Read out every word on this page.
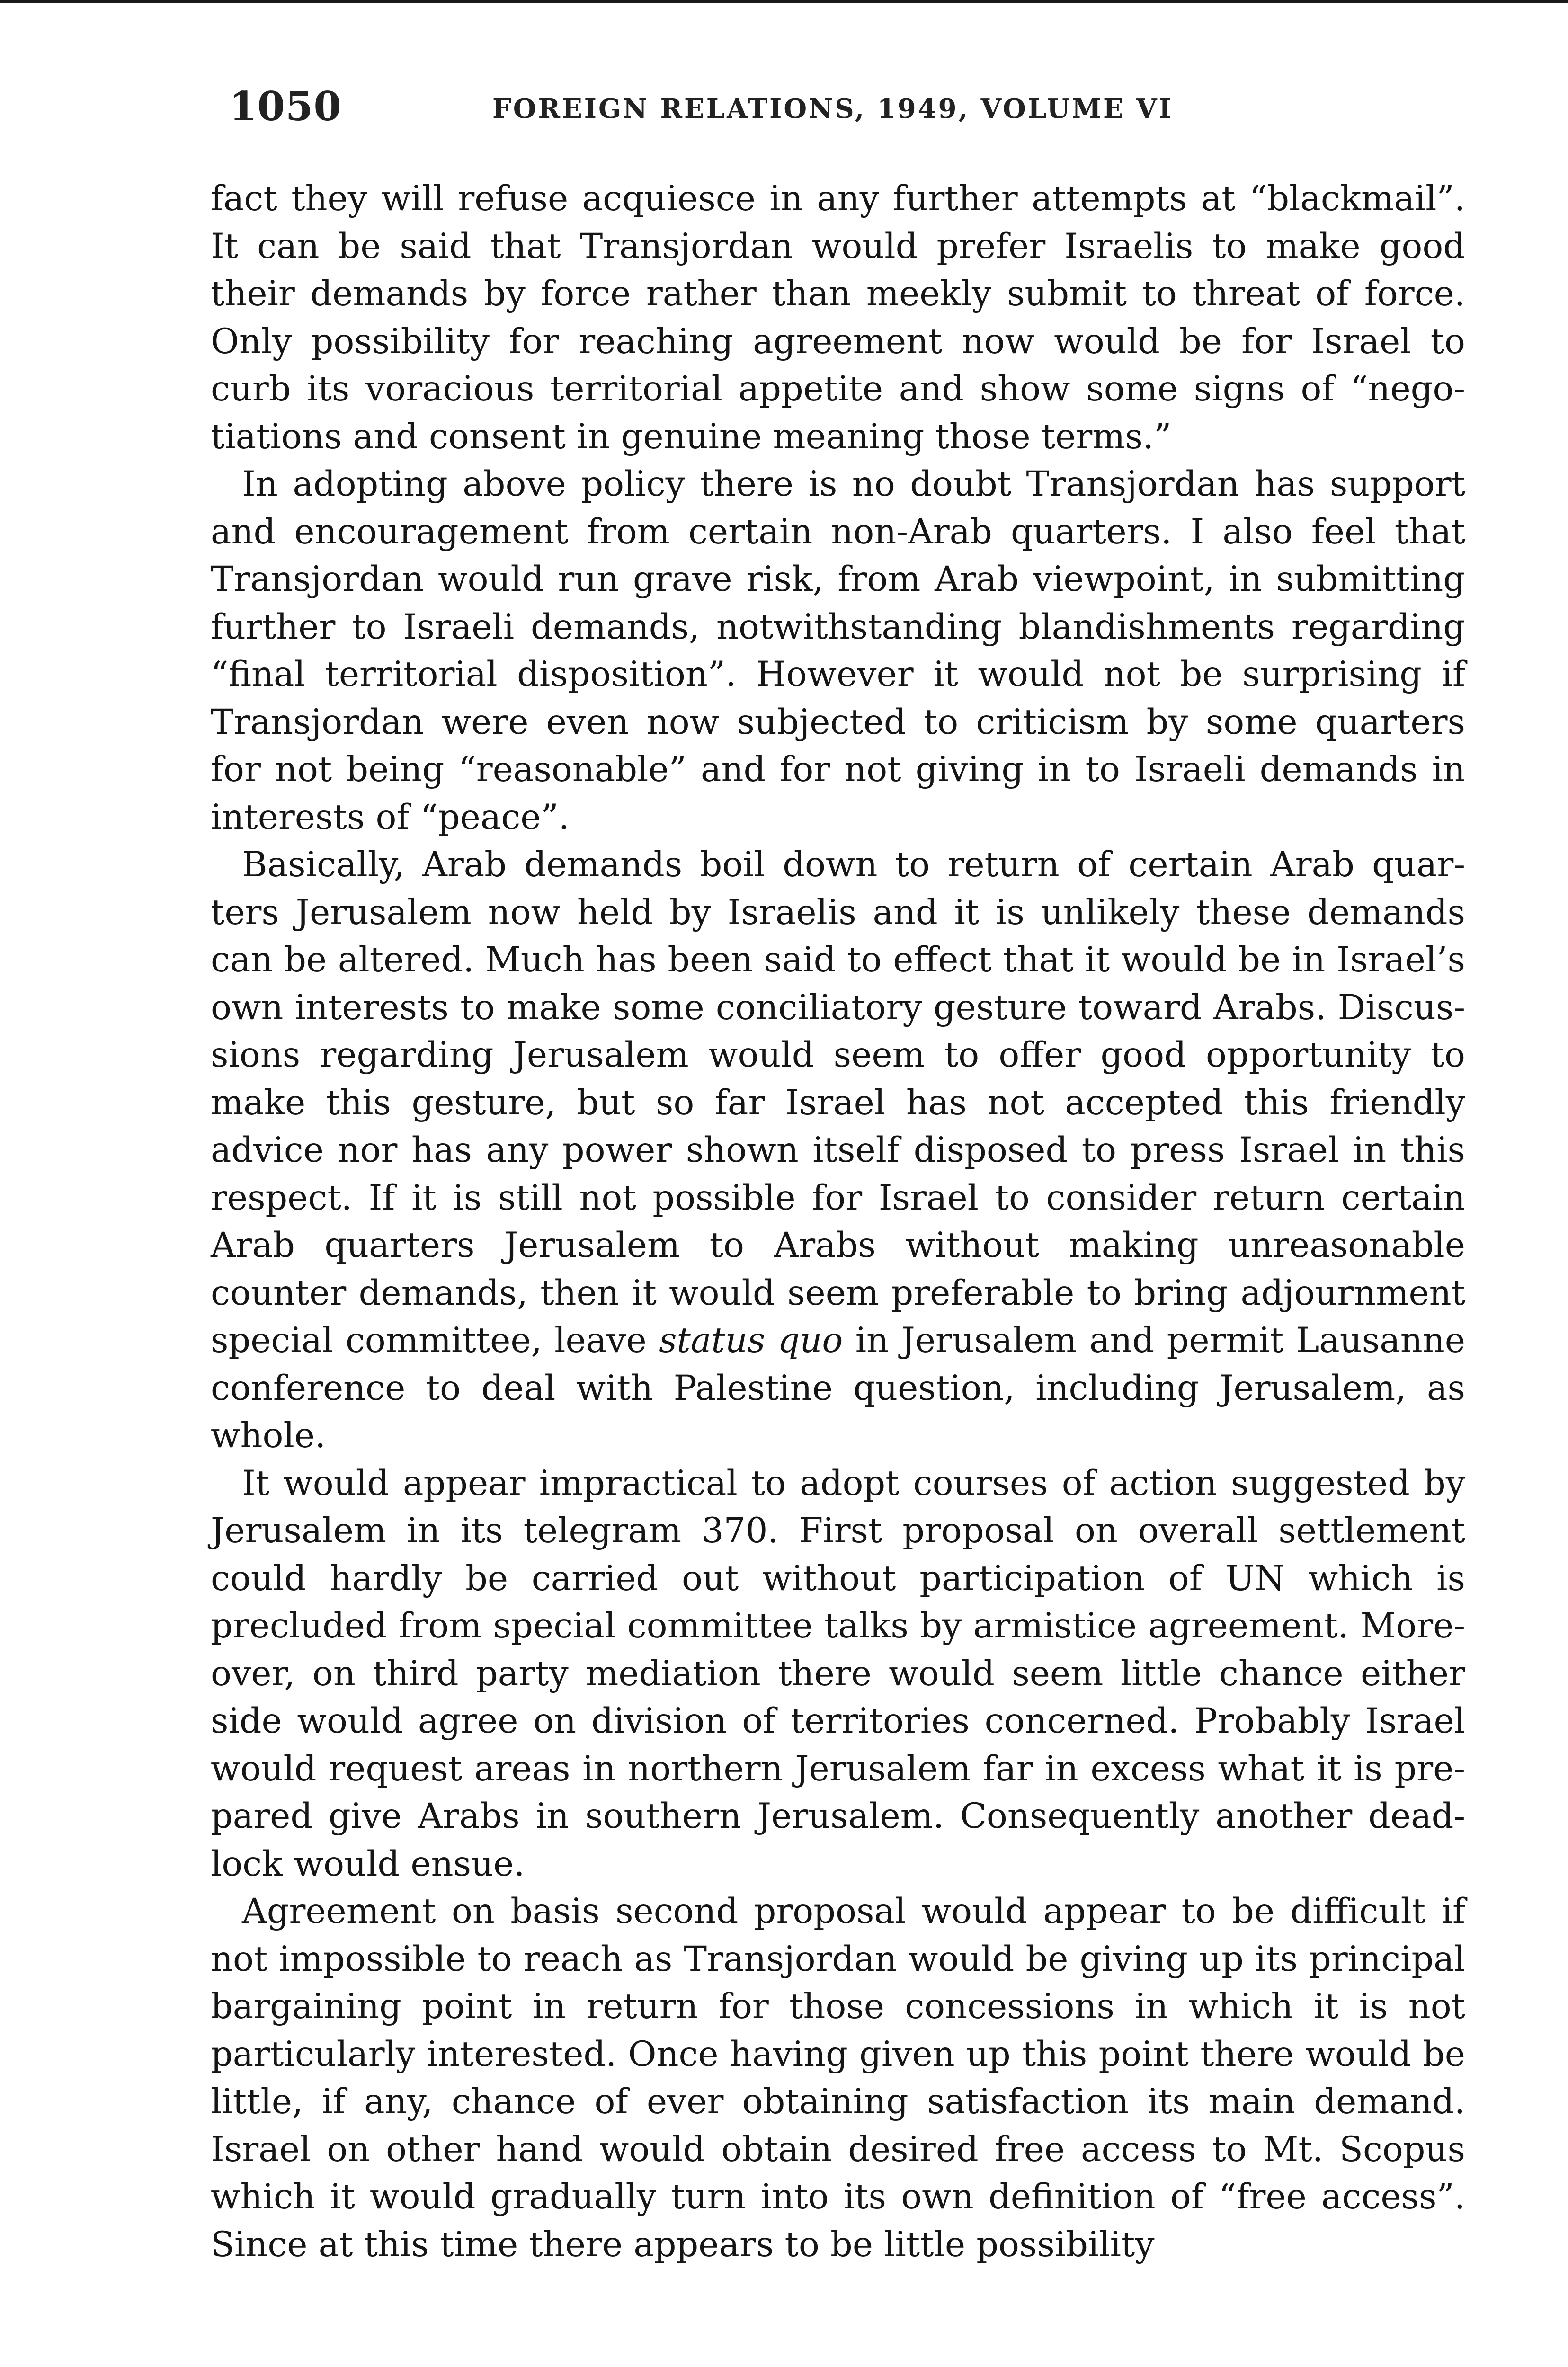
1050	FOREIGN RELATIONS, 1949, VOLUME VI

fact they will refuse acquiesce in any further attempts at “blackmail”. It can be said that Transjordan would prefer Israelis to make good their demands by force rather than meekly submit to threat of force. Only possibility for reaching agreement now would be for Israel to curb its voracious territorial appetite and show some signs of “nego-tiations and consent in genuine meaning those terms.”

In adopting above policy there is no doubt Transjordan has support and encouragement from certain non-Arab quarters. I also feel that Transjordan would run grave risk, from Arab viewpoint, in submitting further to Israeli demands, notwithstanding blandishments regarding “final territorial disposition”. However it would not be surprising if Transjordan were even now subjected to criticism by some quarters for not being “reasonable” and for not giving in to Israeli demands in interests of “peace”.

Basically, Arab demands boil down to return of certain Arab quar-ters Jerusalem now held by Israelis and it is unlikely these demands can be altered. Much has been said to effect that it would be in Israel’s own interests to make some conciliatory gesture toward Arabs. Discus-sions regarding Jerusalem would seem to offer good opportunity to make this gesture, but so far Israel has not accepted this friendly advice nor has any power shown itself disposed to press Israel in this respect. If it is still not possible for Israel to consider return certain Arab quarters Jerusalem to Arabs without making unreasonable counter demands, then it would seem preferable to bring adjournment special committee, leave status quo in Jerusalem and permit Lausanne conference to deal with Palestine question, including Jerusalem, as whole.

It would appear impractical to adopt courses of action suggested by Jerusalem in its telegram 370. First proposal on overall settlement could hardly be carried out without participation of UN which is precluded from special committee talks by armistice agreement. More-over, on third party mediation there would seem little chance either side would agree on division of territories concerned. Probably Israel would request areas in northern Jerusalem far in excess what it is pre-pared give Arabs in southern Jerusalem. Consequently another dead-lock would ensue.

Agreement on basis second proposal would appear to be difficult if not impossible to reach as Transjordan would be giving up its principal bargaining point in return for those concessions in which it is not particularly interested. Once having given up this point there would be little, if any, chance of ever obtaining satisfaction its main demand. Israel on other hand would obtain desired free access to Mt. Scopus which it would gradually turn into its own definition of “free access”. Since at this time there appears to be little possibility
